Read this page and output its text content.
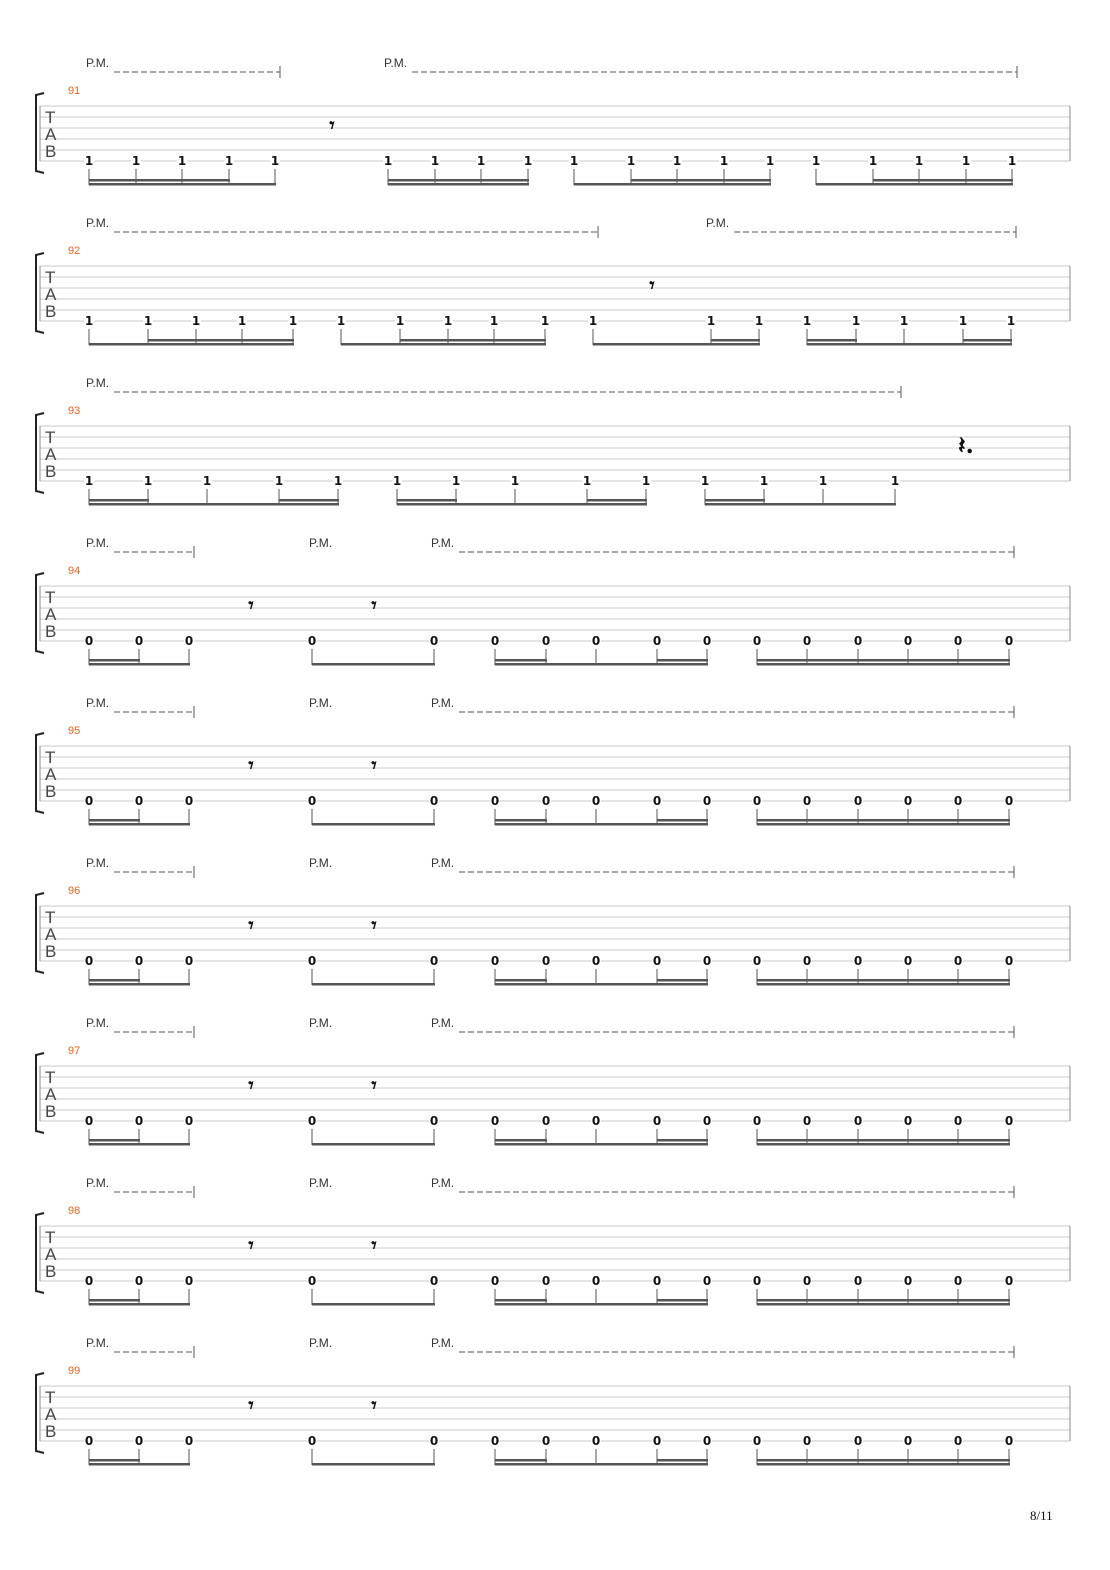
P.M.	P.M.
91
T
A
B 1	1	1	1	1	1	1	1	1	1	1	1	1	1	1	1	1	1	1
𝄾
P.M.	P.M.
92
T
A
B 1	1	1	1	1	1	1	1	1	1	1	1	1	1	1	1	1	1
𝄾
P.M.
93
T
A
B 1	1	1	1	1	1	1	1	1	1	1	1	1	1
𝄽.
P.M.	P.M.	P.M.
94
T
A
B 0	0	0	0	0	0	0	0	0	0	0	0	0	0	0	0
𝄾	𝄾
P.M.	P.M.	P.M.
95
T
A
B 0	0	0	0	0	0	0	0	0	0	0	0	0	0	0	0
𝄾	𝄾
P.M.	P.M.	P.M.
96
T
A
B 0	0	0	0	0	0	0	0	0	0	0	0	0	0	0	0
𝄾	𝄾
P.M.	P.M.	P.M.
97
T
A
B 0	0	0	0	0	0	0	0	0	0	0	0	0	0	0	0
𝄾	𝄾
P.M.	P.M.	P.M.
98
T
A
B 0	0	0	0	0	0	0	0	0	0	0	0	0	0	0	0
𝄾	𝄾
P.M.	P.M.	P.M.
99
T
A
B 0	0	0	0	0	0	0	0	0	0	0	0	0	0	0	0
𝄾	𝄾
8/11
